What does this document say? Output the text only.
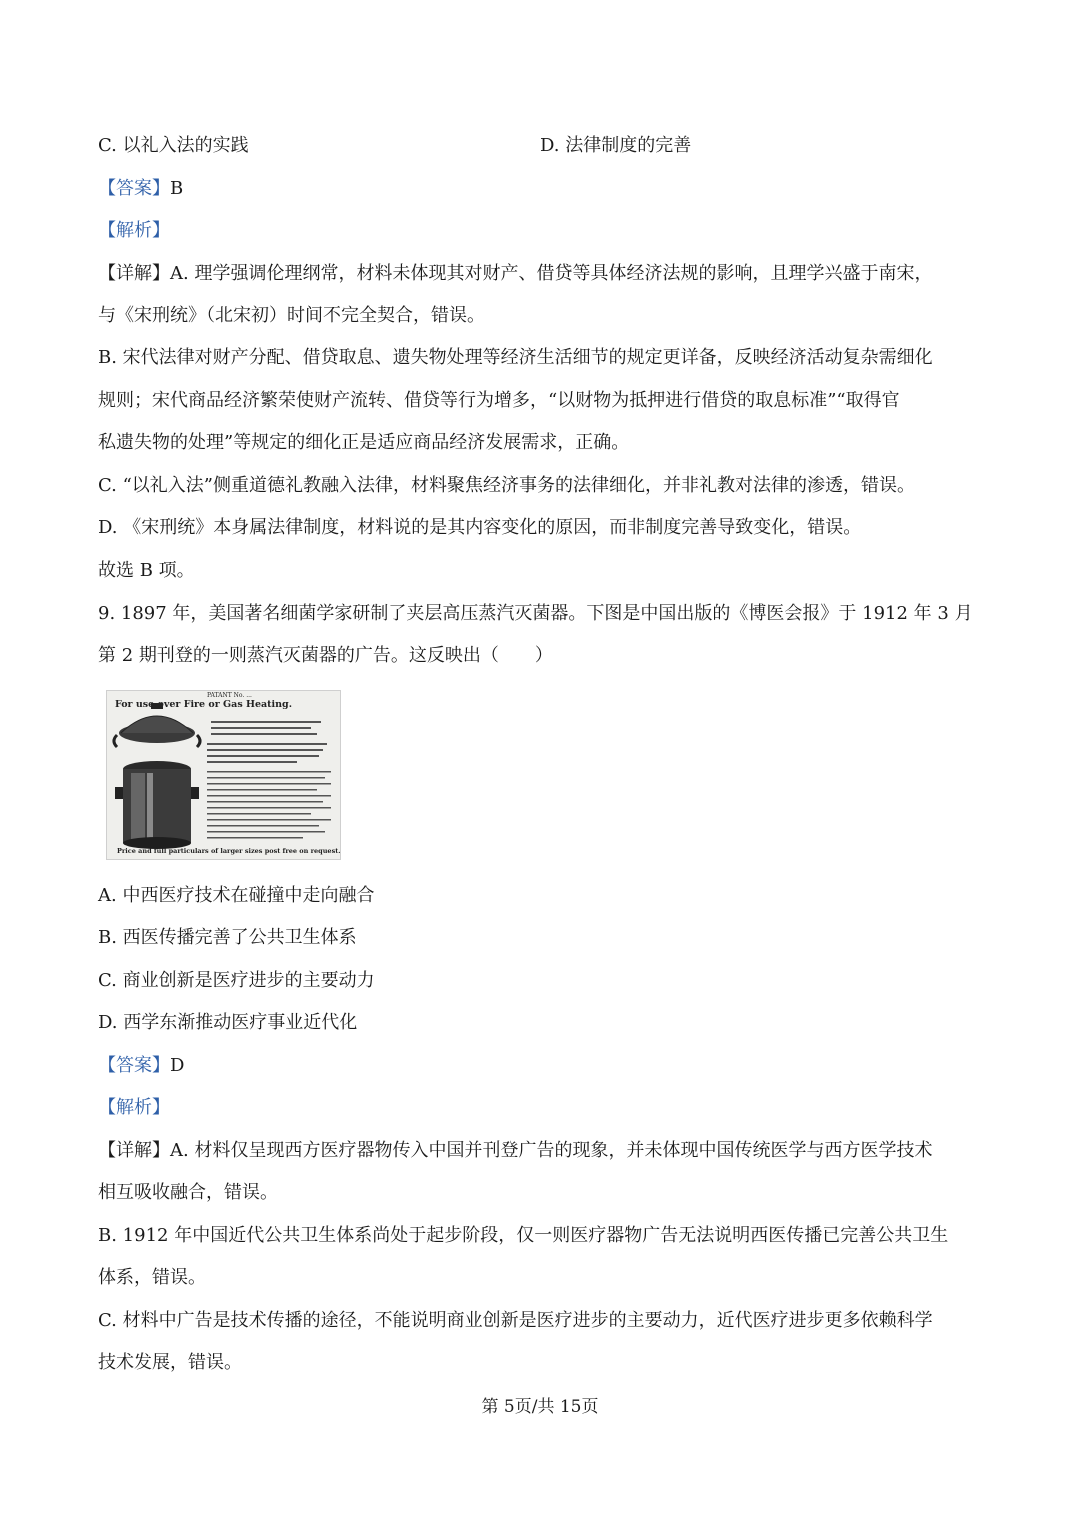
C. 以礼入法的实践	D. 法律制度的完善
【答案】B
【解析】
【详解】A. 理学强调伦理纲常，材料未体现其对财产、借贷等具体经济法规的影响，且理学兴盛于南宋，
与《宋刑统》（北宋初）时间不完全契合，错误。
B. 宋代法律对财产分配、借贷取息、遗失物处理等经济生活细节的规定更详备，反映经济活动复杂需细化
规则；宋代商品经济繁荣使财产流转、借贷等行为增多，“以财物为抵押进行借贷的取息标准”“取得官
私遗失物的处理”等规定的细化正是适应商品经济发展需求，正确。
C. “以礼入法”侧重道德礼教融入法律，材料聚焦经济事务的法律细化，并非礼教对法律的渗透，错误。
D. 《宋刑统》本身属法律制度，材料说的是其内容变化的原因，而非制度完善导致变化，错误。
故选 B 项。
9. 1897 年，美国著名细菌学家研制了夹层高压蒸汽灭菌器。下图是中国出版的《博医会报》于 1912 年 3 月
第 2 期刊登的一则蒸汽灭菌器的广告。这反映出（　　）
PATANT No. ...
For use over Fire or Gas Heating.
Price and full particulars of larger sizes post free on request.
A. 中西医疗技术在碰撞中走向融合
B. 西医传播完善了公共卫生体系
C. 商业创新是医疗进步的主要动力
D. 西学东渐推动医疗事业近代化
【答案】D
【解析】
【详解】A. 材料仅呈现西方医疗器物传入中国并刊登广告的现象，并未体现中国传统医学与西方医学技术
相互吸收融合，错误。
B. 1912 年中国近代公共卫生体系尚处于起步阶段，仅一则医疗器物广告无法说明西医传播已完善公共卫生
体系，错误。
C. 材料中广告是技术传播的途径，不能说明商业创新是医疗进步的主要动力，近代医疗进步更多依赖科学
技术发展，错误。
第 5页/共 15页
